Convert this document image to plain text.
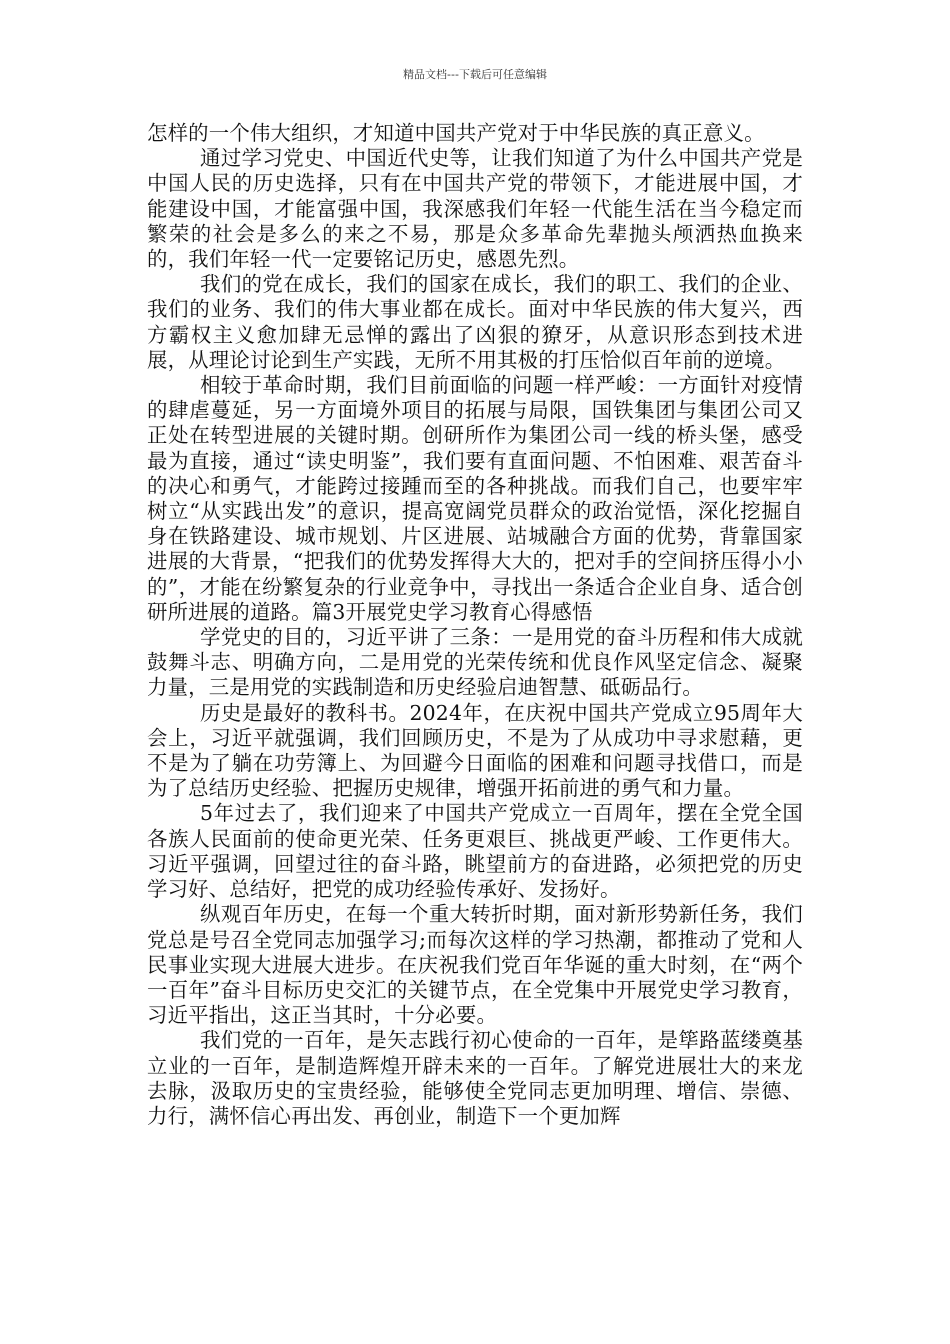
精品文档---下载后可任意编辑

怎样的一个伟大组织，才知道中国共产党对于中华民族的真正意义。

通过学习党史、中国近代史等，让我们知道了为什么中国共产党是中国人民的历史选择，只有在中国共产党的带领下，才能进展中国，才能建设中国，才能富强中国，我深感我们年轻一代能生活在当今稳定而繁荣的社会是多么的来之不易，那是众多革命先辈抛头颅洒热血换来的，我们年轻一代一定要铭记历史，感恩先烈。

我们的党在成长，我们的国家在成长，我们的职工、我们的企业、我们的业务、我们的伟大事业都在成长。面对中华民族的伟大复兴，西方霸权主义愈加肆无忌惮的露出了凶狠的獠牙，从意识形态到技术进展，从理论讨论到生产实践，无所不用其极的打压恰似百年前的逆境。

相较于革命时期，我们目前面临的问题一样严峻：一方面针对疫情的肆虐蔓延，另一方面境外项目的拓展与局限，国铁集团与集团公司又正处在转型进展的关键时期。创研所作为集团公司一线的桥头堡，感受最为直接，通过“读史明鉴”，我们要有直面问题、不怕困难、艰苦奋斗的决心和勇气，才能跨过接踵而至的各种挑战。而我们自己，也要牢牢树立“从实践出发”的意识，提高宽阔党员群众的政治觉悟，深化挖掘自身在铁路建设、城市规划、片区进展、站城融合方面的优势，背靠国家进展的大背景，“把我们的优势发挥得大大的，把对手的空间挤压得小小的”，才能在纷繁复杂的行业竞争中，寻找出一条适合企业自身、适合创研所进展的道路。篇3开展党史学习教育心得感悟

学党史的目的，习近平讲了三条：一是用党的奋斗历程和伟大成就鼓舞斗志、明确方向，二是用党的光荣传统和优良作风坚定信念、凝聚力量，三是用党的实践制造和历史经验启迪智慧、砥砺品行。

历史是最好的教科书。2024年，在庆祝中国共产党成立95周年大会上，习近平就强调，我们回顾历史，不是为了从成功中寻求慰藉，更不是为了躺在功劳簿上、为回避今日面临的困难和问题寻找借口，而是为了总结历史经验、把握历史规律，增强开拓前进的勇气和力量。

5年过去了，我们迎来了中国共产党成立一百周年，摆在全党全国各族人民面前的使命更光荣、任务更艰巨、挑战更严峻、工作更伟大。习近平强调，回望过往的奋斗路，眺望前方的奋进路，必须把党的历史学习好、总结好，把党的成功经验传承好、发扬好。

纵观百年历史，在每一个重大转折时期，面对新形势新任务，我们党总是号召全党同志加强学习;而每次这样的学习热潮，都推动了党和人民事业实现大进展大进步。在庆祝我们党百年华诞的重大时刻，在“两个一百年”奋斗目标历史交汇的关键节点，在全党集中开展党史学习教育，习近平指出，这正当其时，十分必要。

我们党的一百年，是矢志践行初心使命的一百年，是筚路蓝缕奠基立业的一百年，是制造辉煌开辟未来的一百年。了解党进展壮大的来龙去脉，汲取历史的宝贵经验，能够使全党同志更加明理、增信、崇德、力行，满怀信心再出发、再创业，制造下一个更加辉
